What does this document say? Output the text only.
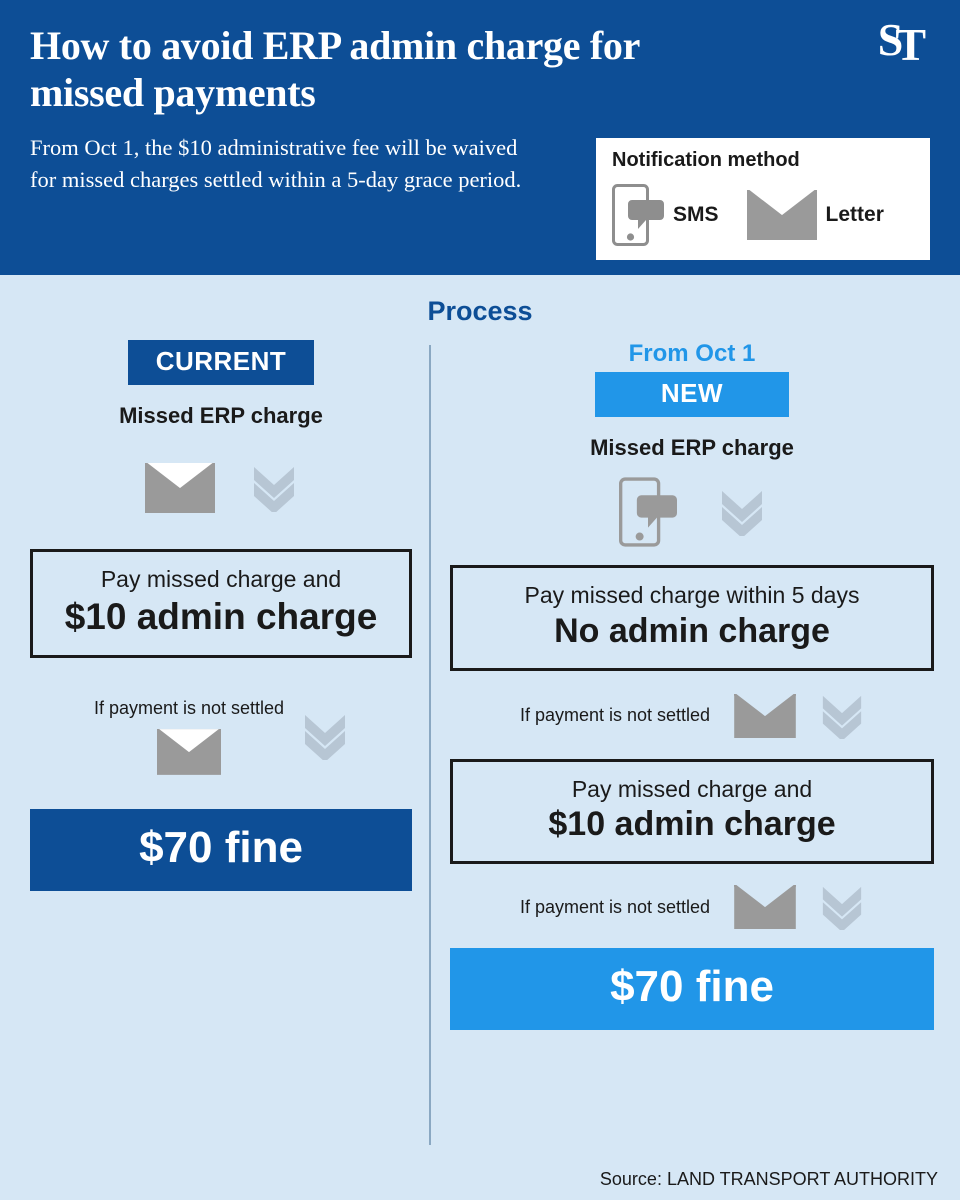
How to avoid ERP admin charge for missed payments
From Oct 1, the $10 administrative fee will be waived for missed charges settled within a 5-day grace period.
ST
Notification method
SMS	Letter
Process
CURRENT
Missed ERP charge
Pay missed charge and
$10 admin charge
If payment is not settled
$70 fine
From Oct 1
NEW
Missed ERP charge
Pay missed charge within 5 days
No admin charge
If payment is not settled
Pay missed charge and
$10 admin charge
If payment is not settled
$70 fine
Source: LAND TRANSPORT AUTHORITY
